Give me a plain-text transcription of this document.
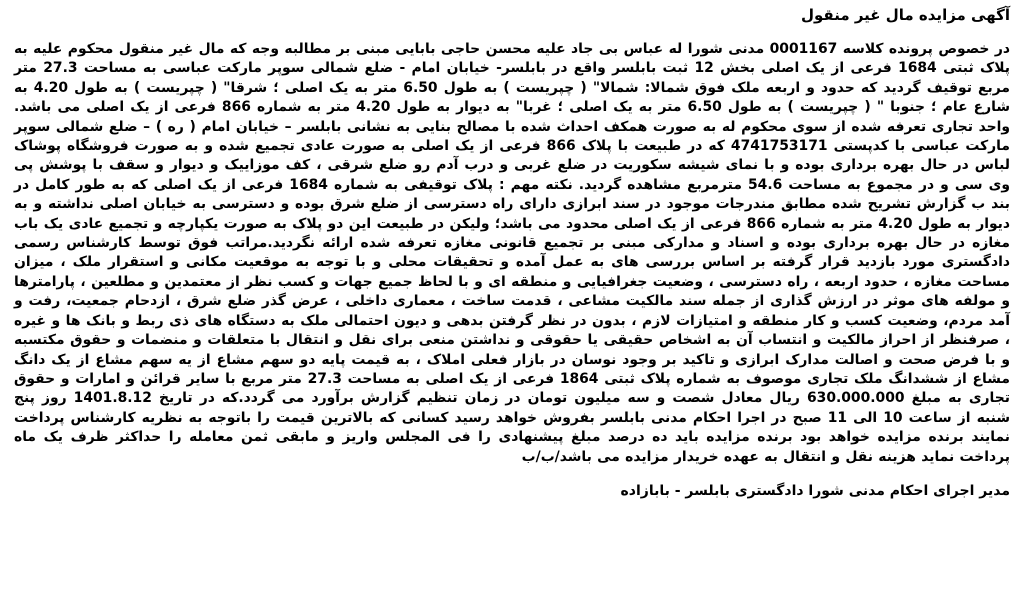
آگهی مزایده مال غیر منقول

در خصوص پرونده کلاسه 0001167 مدنی شورا له عباس بی جاد علیه محسن حاجی بابایی مبنی بر مطالبه وجه که مال غیر منقول محکوم علیه به پلاک ثبتی 1684 فرعی از یک اصلی بخش 12 ثبت بابلسر واقع در بابلسر- خیابان امام - ضلع شمالی سوپر مارکت عباسی به مساحت 27.3 متر مربع توقیف گردید که حدود و اربعه ملک فوق شمالا: شمالا" ( چپریست ) به طول 6.50 متر به یک اصلی ؛ شرقا" ( چپریست ) به طول 4.20 به شارع عام ؛ جنوبا " ( چپریست ) به طول 6.50 متر به یک اصلی ؛ غربا" به دیوار به طول 4.20 متر به شماره 866 فرعی از یک اصلی می باشد. واحد تجاری تعرفه شده از سوی محکوم له به صورت همکف احداث شده با مصالح بنایی به نشانی بابلسر – خیابان امام ( ره ) – ضلع شمالی سوپر مارکت عباسی با کدپستی 4741753171 که در طبیعت با پلاک 866 فرعی از یک اصلی به صورت عادی تجمیع شده و به صورت فروشگاه پوشاک لباس در حال بهره برداری بوده و با نمای شیشه سکوریت در ضلع غربی و درب آدم رو ضلع شرقی ، کف موزاییک و دیوار و سقف با پوشش پی وی سی و در مجموع به مساحت 54.6 مترمربع مشاهده گردید. نکته مهم : پلاک توقیفی به شماره 1684 فرعی از یک اصلی که به طور کامل در بند ب گزارش تشریح شده مطابق مندرجات موجود در سند ابرازی دارای راه دسترسی از ضلع شرق بوده و دسترسی به خیابان اصلی نداشته و به دیوار به طول 4.20 متر به شماره 866 فرعی از یک اصلی محدود می باشد؛ ولیکن در طبیعت این دو پلاک به صورت یکپارچه و تجمیع عادی یک باب مغازه در حال بهره برداری بوده و اسناد و مدارکی مبنی بر تجمیع قانونی مغازه تعرفه شده ارائه نگردید.مراتب فوق توسط کارشناس رسمی دادگستری مورد بازدید قرار گرفته بر اساس بررسی های به عمل آمده و تحقیقات محلی و با توجه به موقعیت مکانی و استقرار ملک ، میزان مساحت مغازه ، حدود اربعه ، راه دسترسی ، وضعیت جغرافیایی و منطقه ای و با لحاظ جمیع جهات و کسب نظر از معتمدین و مطلعین ، پارامترها و مولفه های موثر در ارزش گذاری از جمله سند مالکیت مشاعی ، قدمت ساخت ، معماری داخلی ، عرض گذر ضلع شرق ، ازدحام جمعیت، رفت و آمد مردم، وضعیت کسب و کار منطقه و امتیازات لازم ، بدون در نظر گرفتن بدهی و دیون احتمالی ملک به دستگاه های ذی ربط و بانک ها و غیره ، صرفنظر از احراز مالکیت و انتساب آن به اشخاص حقیقی یا حقوقی و نداشتن منعی برای نقل و انتقال با متعلقات و منضمات و حقوق مکتسبه و با فرض صحت و اصالت مدارک ابرازی و تاکید بر وجود نوسان در بازار فعلی املاک ، به قیمت پایه دو سهم مشاع از یه سهم مشاع از یک دانگ مشاع از ششدانگ ملک تجاری موصوف به شماره پلاک ثبتی 1864 فرعی از یک اصلی به مساحت 27.3 متر مربع با سایر قرائن و امارات و حقوق تجاری به مبلغ 630.000.000 ریال معادل شصت و سه میلیون تومان در زمان تنظیم گزارش برآورد می گردد.که در تاریخ 1401.8.12 روز پنج شنبه از ساعت 10 الی 11 صبح در اجرا احکام مدنی بابلسر بفروش خواهد رسید کسانی که بالاترین قیمت را باتوجه به نظریه کارشناس پرداخت نمایند برنده مزایده خواهد بود برنده مزایده باید ده درصد مبلغ پیشنهادی را فی المجلس واریز و مابقی ثمن معامله را حداکثر ظرف یک ماه پرداخت نماید هزینه نقل و انتقال به عهده خریدار مزایده می باشد/ب/ب

مدیر اجرای احکام مدنی شورا دادگستری بابلسر - بابازاده
